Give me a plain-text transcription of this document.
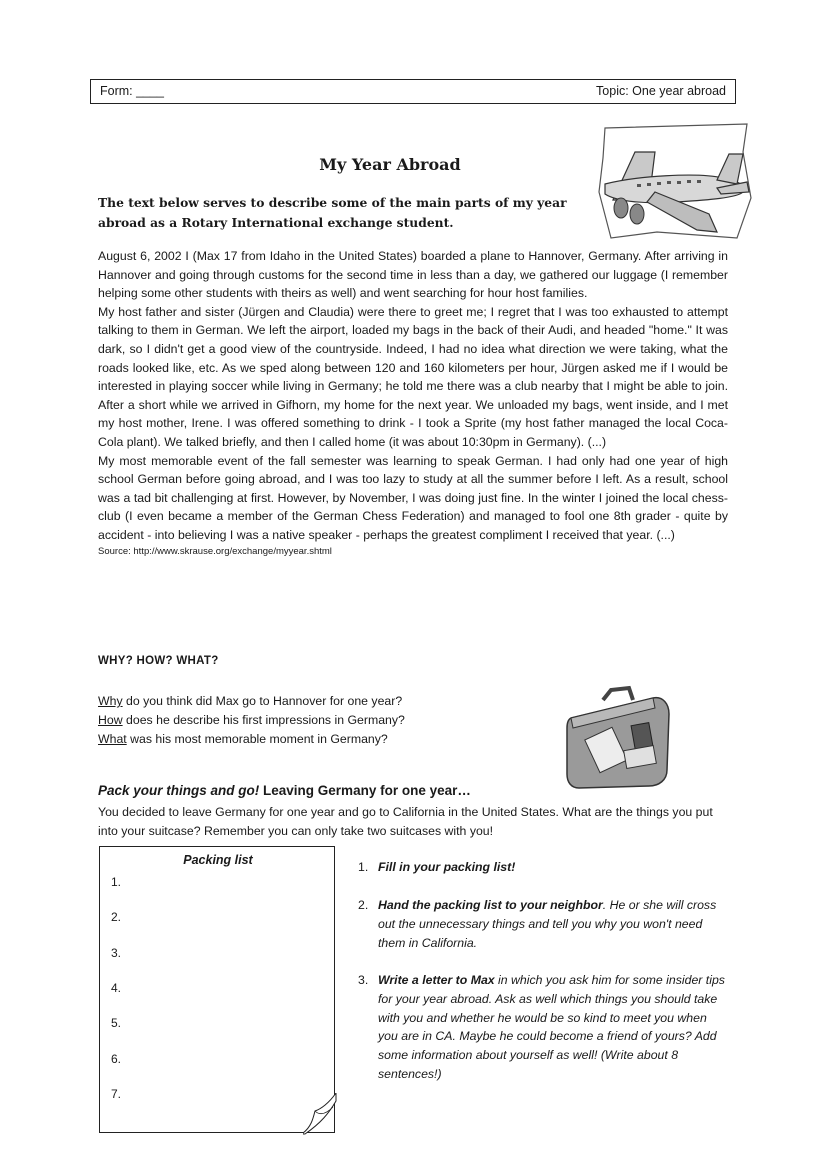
Form: ____	Topic: One year abroad
My Year Abroad
The text below serves to describe some of the main parts of my year abroad as a Rotary International exchange student.

August 6, 2002 I (Max 17 from Idaho in the United States) boarded a plane to Hannover, Germany. After arriving in Hannover and going through customs for the second time in less than a day, we gathered our luggage (I remember helping some other students with theirs as well) and went searching for hour host families.

My host father and sister (Jürgen and Claudia) were there to greet me; I regret that I was too exhausted to attempt talking to them in German. We left the airport, loaded my bags in the back of their Audi, and headed "home." It was dark, so I didn't get a good view of the countryside. Indeed, I had no idea what direction we were taking, what the roads looked like, etc. As we sped along between 120 and 160 kilometers per hour, Jürgen asked me if I would be interested in playing soccer while living in Germany; he told me there was a club nearby that I might be able to join. After a short while we arrived in Gifhorn, my home for the next year. We unloaded my bags, went inside, and I met my host mother, Irene. I was offered something to drink - I took a Sprite (my host father managed the local Coca-Cola plant). We talked briefly, and then I called home (it was about 10:30pm in Germany). (...)

My most memorable event of the fall semester was learning to speak German. I had only had one year of high school German before going abroad, and I was too lazy to study at all the summer before I left. As a result, school was a tad bit challenging at first. However, by November, I was doing just fine. In the winter I joined the local chess-club (I even became a member of the German Chess Federation) and managed to fool one 8th grader - quite by accident - into believing I was a native speaker - perhaps the greatest compliment I received that year. (...)

Source: http://www.skrause.org/exchange/myyear.shtml

WHY? HOW? WHAT?
Why do you think did Max go to Hannover for one year?
How does he describe his first impressions in Germany?
What was his most memorable moment in Germany?
Pack your things and go! Leaving Germany for one year…
You decided to leave Germany for one year and go to California in the United States. What are the things you put into your suitcase? Remember you can only take two suitcases with you!
Packing list
1.
2.
3.
4.
5.
6.
7.
1. Fill in your packing list!
2. Hand the packing list to your neighbor. He or she will cross out the unnecessary things and tell you why you won't need them in California.
3. Write a letter to Max in which you ask him for some insider tips for your year abroad. Ask as well which things you should take with you and whether he would be so kind to meet you when you are in CA. Maybe he could become a friend of yours? Add some information about yourself as well! (Write about 8 sentences!)
